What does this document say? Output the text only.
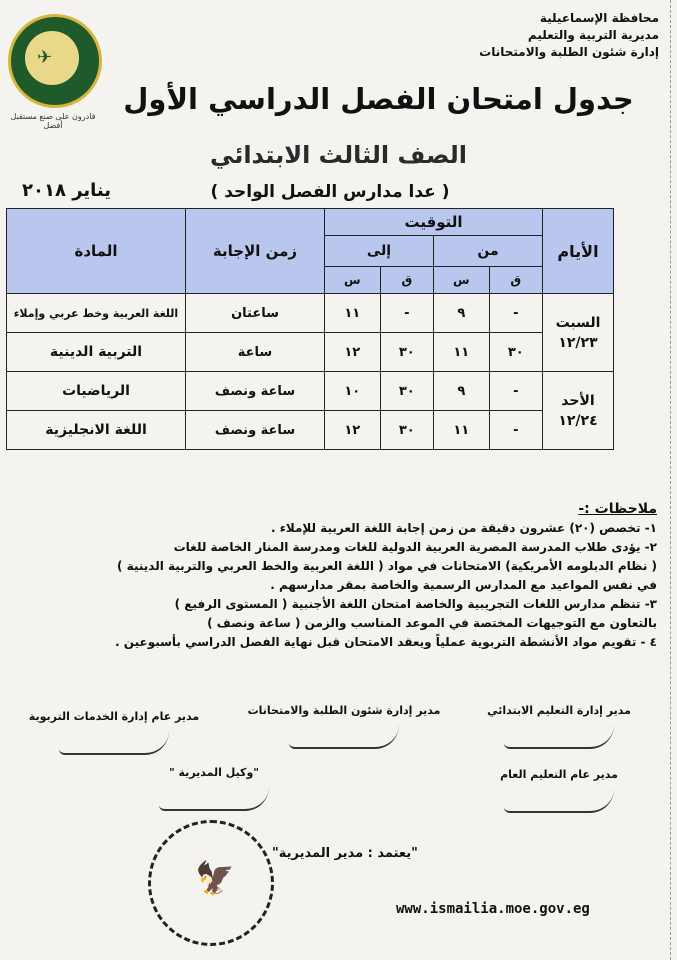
✈
قادرون على صنع مستقبل أفضل
محافظة الإسماعيلية
مديرية التربية والتعليم
إدارة شئون الطلبة والامتحانات
جدول امتحان الفصل الدراسي الأول
الصف الثالث الابتدائي
( عدا مدارس الفصل الواحد )
يناير ٢٠١٨
الأيام	التوقيت				زمن الإجابة	المادة
	من		إلى			
	ق	س	ق	س		

السبت
١٢/٢٣	-	٩	-	١١	ساعتان	اللغة العربية وخط عربي وإملاء
	٣٠	١١	٣٠	١٢	ساعة	التربية الدينية

الأحد
١٢/٢٤	-	٩	٣٠	١٠	ساعة ونصف	الرياضيات
	-	١١	٣٠	١٢	ساعة ونصف	اللغة الانجليزية
ملاحظات :-
١- تخصص (٢٠) عشرون دقيقة من زمن إجابة اللغة العربية للإملاء .
٢- يؤدى طلاب المدرسة المصرية العربية الدولية للغات ومدرسة المنار الخاصة للغات
( نظام الدبلومه الأمريكية) الامتحانات في مواد ( اللغة العربية والخط العربي والتربية الدينية )
في نفس المواعيد مع المدارس الرسمية والخاصة بمقر مدارسهم .
٣- تنظم مدارس اللغات التجريبية والخاصة امتحان اللغة الأجنبية ( المستوى الرفيع )
بالتعاون مع التوجيهات المختصة في الموعد المناسب والزمن ( ساعة ونصف )
٤ - تقويم مواد الأنشطة التربوية عملياً ويعقد الامتحان قبل نهاية الفصل الدراسي بأسبوعين .
مدير إدارة التعليم الابتدائي
مدير إدارة شئون الطلبة والامتحانات
مدير عام إدارة الخدمات التربوية
مدير عام التعليم العام
"وكيل المديرية "
🦅
"يعتمد : مدير المديرية"
www.ismailia.moe.gov.eg
